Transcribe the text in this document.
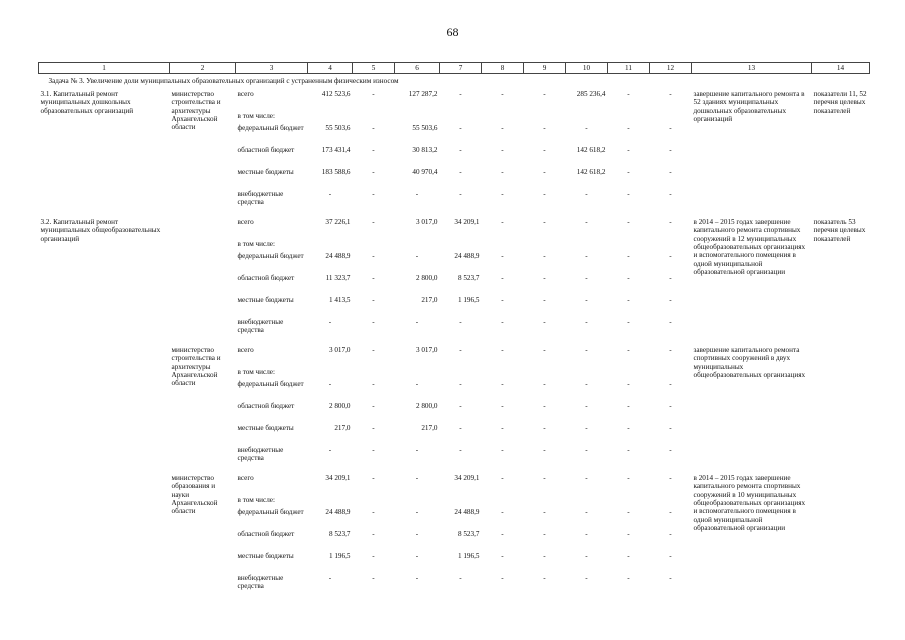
68
1	2	3	4	5	6	7	8	9	10	11	12	13	14
Задача № 3. Увеличение доли муниципальных образовательных организаций с устраненным физическим износом													
3.1. Капитальный ремонт муниципальных дошкольных образовательных организаций	министерство строительства и архитектуры Архангельской области	всего	412 523,6	-	127 287,2	-	-	-	285 236,4	-	-	завершение капитального ремонта в 52 зданиях муниципальных дошкольных образовательных организаций	показатели 11, 52 перечня целевых показателей
		в том числе:											
		федеральный бюджет	55 503,6	-	55 503,6	-	-	-	-	-	-		
		областной бюджет	173 431,4	-	30 813,2	-	-	-	142 618,2	-	-		
		местные бюджеты	183 588,6	-	40 970,4	-	-	-	142 618,2	-	-		
		внебюджетные средства	-	-	-	-	-	-	-	-	-		

3.2. Капитальный ремонт муниципальных общеобразовательных организаций		всего	37 226,1	-	3 017,0	34 209,1	-	-	-	-	-	в 2014 – 2015 годах завершение капитального ремонта спортивных сооружений в 12 муниципальных общеобразовательных организациях и вспомогательного помещения в одной муниципальной образовательной организации	показатель 53 перечня целевых показателей
		в том числе:											
		федеральный бюджет	24 488,9	-	-	24 488,9	-	-	-	-	-		
		областной бюджет	11 323,7	-	2 800,0	8 523,7	-	-	-	-	-		
		местные бюджеты	1 413,5	-	217,0	1 196,5	-	-	-	-	-		
		внебюджетные средства	-	-	-	-	-	-	-	-	-		

	министерство строительства и архитектуры Архангельской области	всего	3 017,0	-	3 017,0	-	-	-	-	-	-	завершение капитального ремонта спортивных сооружений в двух муниципальных общеобразовательных организациях	
		в том числе:											
		федеральный бюджет	-	-	-	-	-	-	-	-	-		
		областной бюджет	2 800,0	-	2 800,0	-	-	-	-	-	-		
		местные бюджеты	217,0	-	217,0	-	-	-	-	-	-		
		внебюджетные средства	-	-	-	-	-	-	-	-	-		

	министерство образования и науки Архангельской области	всего	34 209,1	-	-	34 209,1	-	-	-	-	-	в 2014 – 2015 годах завершение капитального ремонта спортивных сооружений в 10 муниципальных общеобразовательных организациях и вспомогательного помещения в одной муниципальной образовательной организации	
		в том числе:											
		федеральный бюджет	24 488,9	-	-	24 488,9	-	-	-	-	-		
		областной бюджет	8 523,7	-	-	8 523,7	-	-	-	-	-		
		местные бюджеты	1 196,5	-	-	1 196,5	-	-	-	-	-		
		внебюджетные средства	-	-	-	-	-	-	-	-	-		
